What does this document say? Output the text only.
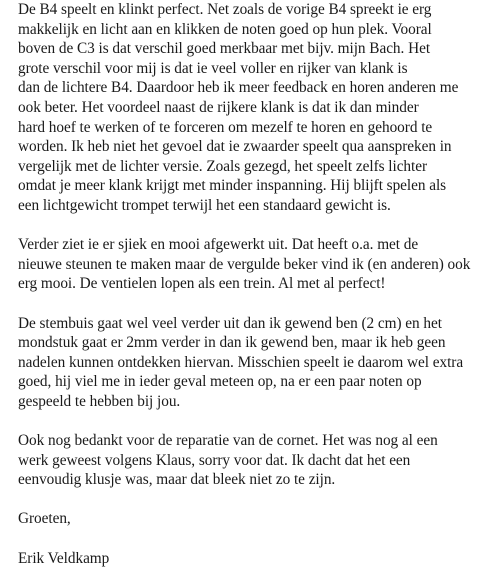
De B4 speelt en klinkt perfect. Net zoals de vorige B4 spreekt ie erg
makkelijk en licht aan en klikken de noten goed op hun plek. Vooral
boven de C3 is dat verschil goed merkbaar met bijv. mijn Bach. Het
grote verschil voor mij is dat ie veel voller en rijker van klank is
dan de lichtere B4. Daardoor heb ik meer feedback en horen anderen me
ook beter. Het voordeel naast de rijkere klank is dat ik dan minder
hard hoef te werken of te forceren om mezelf te horen en gehoord te
worden. Ik heb niet het gevoel dat ie zwaarder speelt qua aanspreken in
vergelijk met de lichter versie. Zoals gezegd, het speelt zelfs lichter
omdat je meer klank krijgt met minder inspanning. Hij blijft spelen als
een lichtgewicht trompet terwijl het een standaard gewicht is.
Verder ziet ie er sjiek en mooi afgewerkt uit. Dat heeft o.a. met de
nieuwe steunen te maken maar de vergulde beker vind ik (en anderen) ook
erg mooi. De ventielen lopen als een trein. Al met al perfect!
De stembuis gaat wel veel verder uit dan ik gewend ben (2 cm) en het
mondstuk gaat er 2mm verder in dan ik gewend ben, maar ik heb geen
nadelen kunnen ontdekken hiervan. Misschien speelt ie daarom wel extra
goed, hij viel me in ieder geval meteen op, na er een paar noten op
gespeeld te hebben bij jou.
Ook nog bedankt voor de reparatie van de cornet. Het was nog al een
werk geweest volgens Klaus, sorry voor dat. Ik dacht dat het een
eenvoudig klusje was, maar dat bleek niet zo te zijn.
Groeten,
Erik Veldkamp
